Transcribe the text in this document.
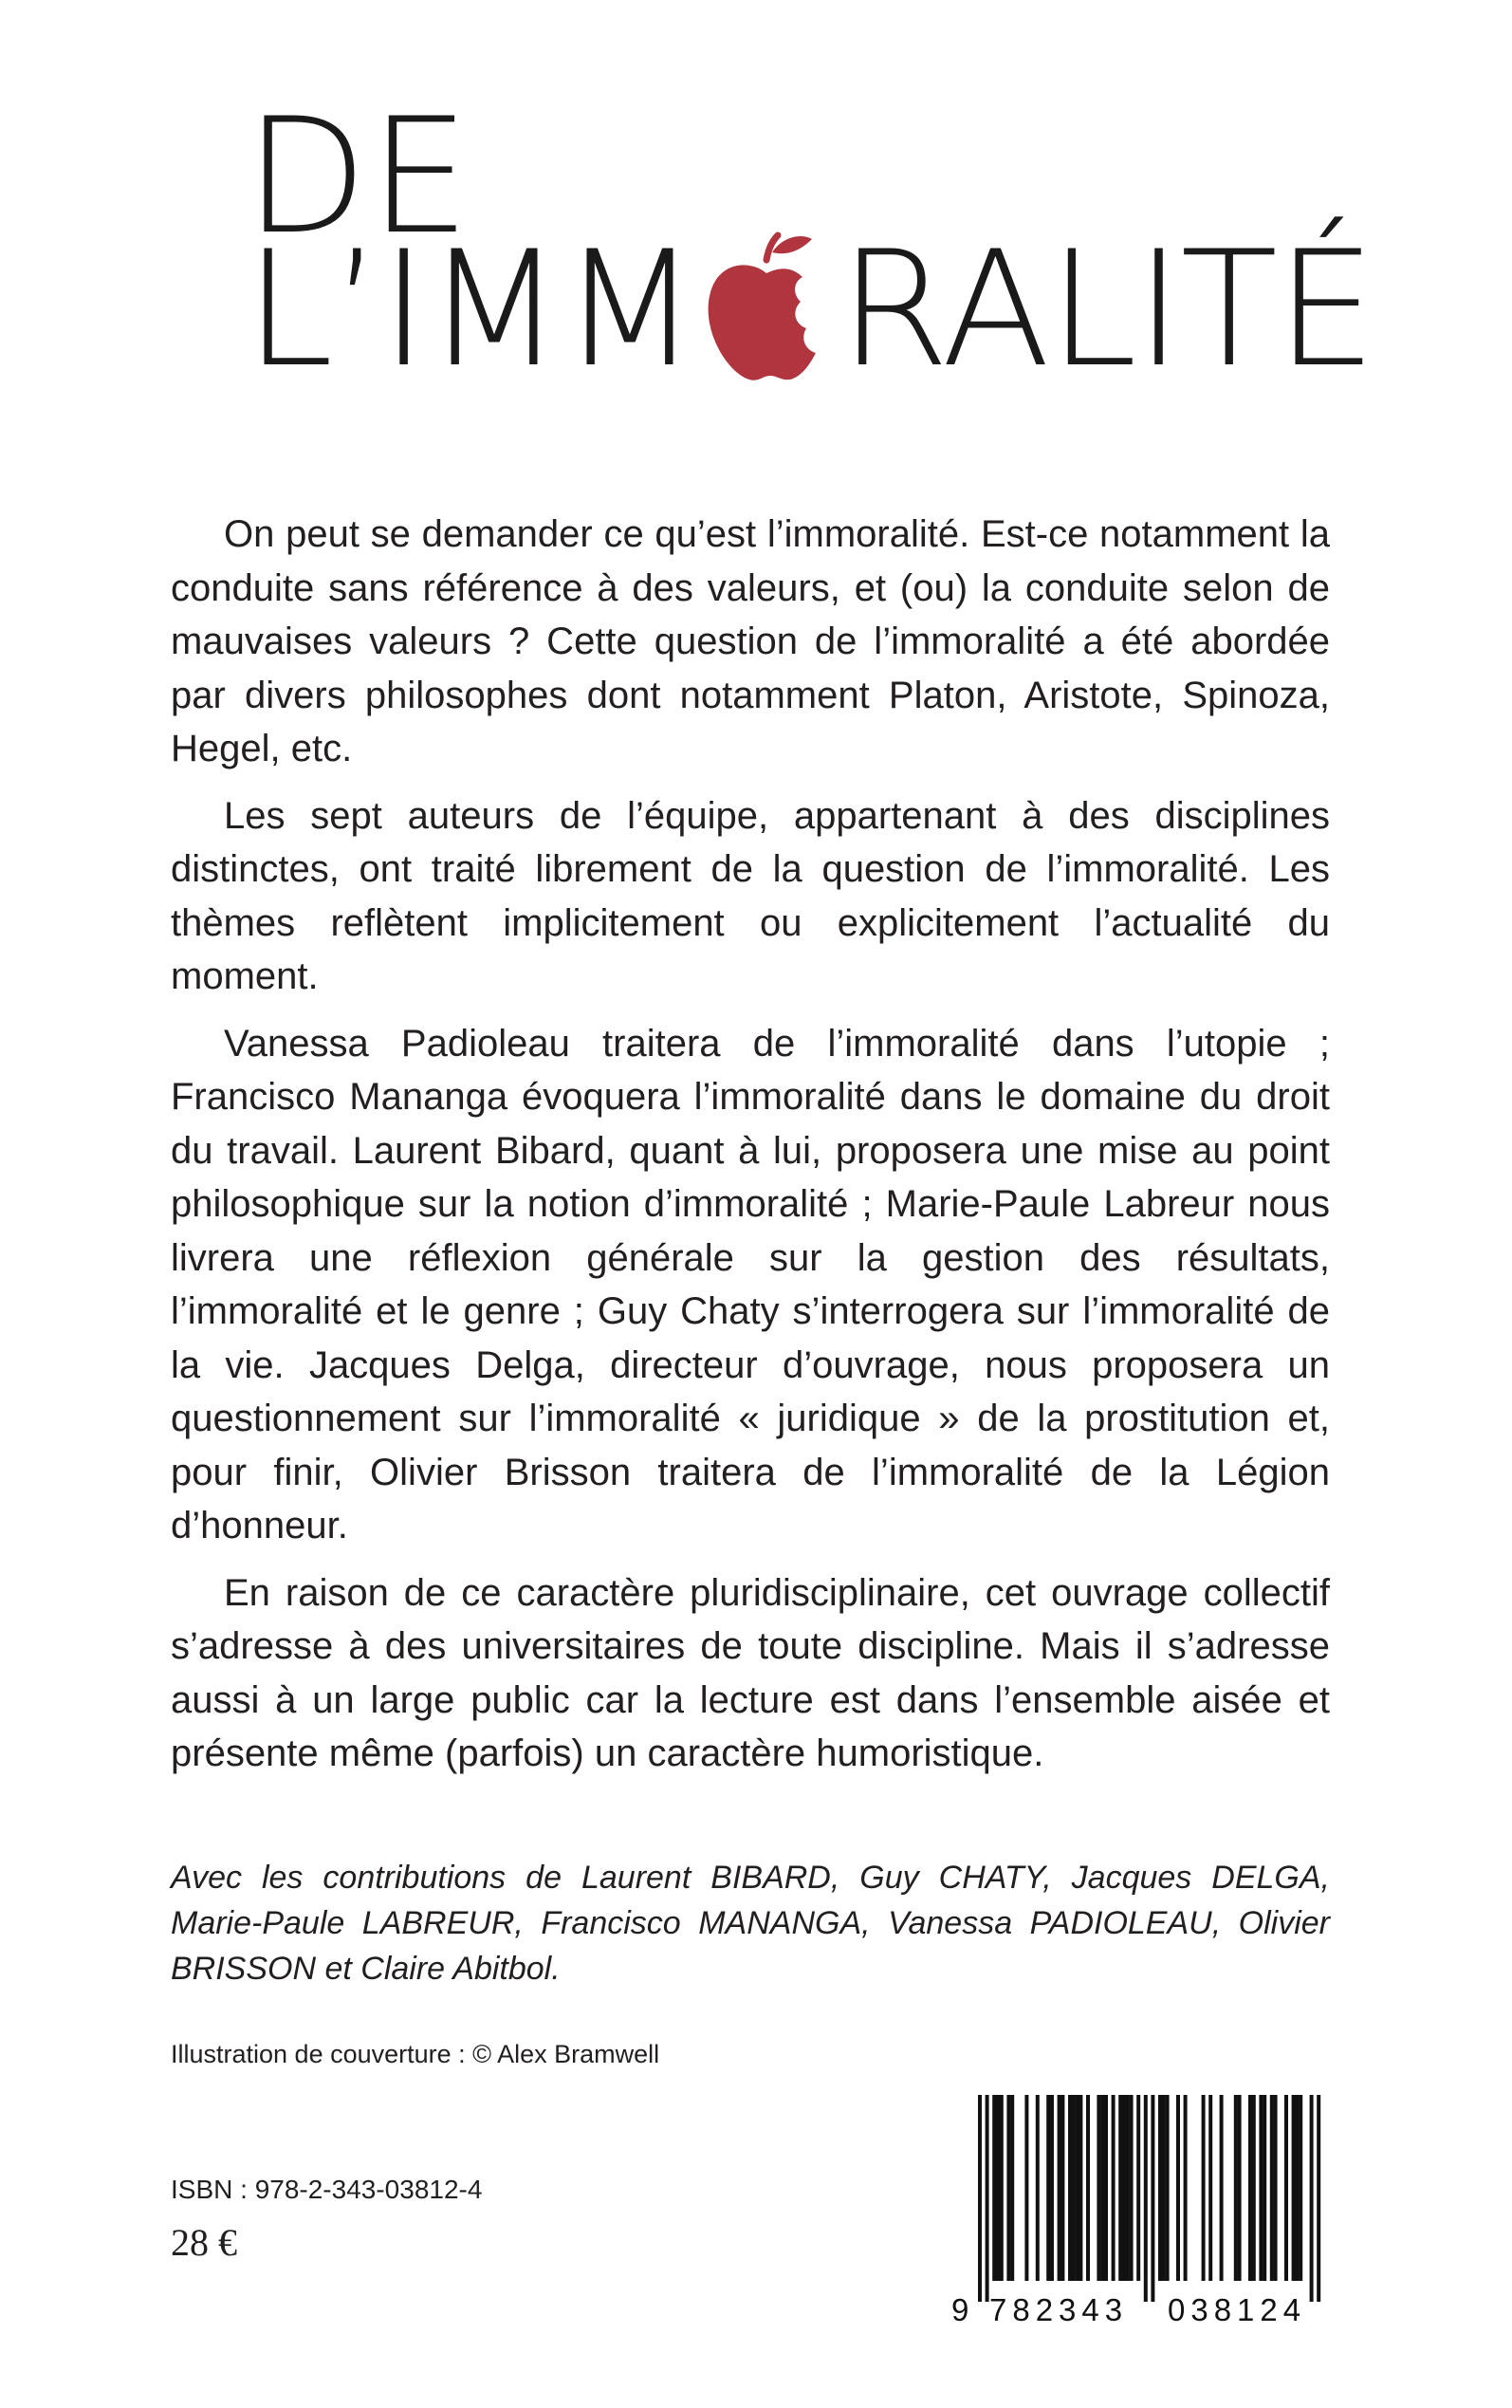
DE
L’IMM RALITÉ

On peut se demander ce qu’est l’immoralité. Est-ce notamment la conduite sans référence à des valeurs, et (ou) la conduite selon de mauvaises valeurs ? Cette question de l’immoralité a été abordée par divers philosophes dont notamment Platon, Aristote, Spinoza, Hegel, etc.

Les sept auteurs de l’équipe, appartenant à des disciplines distinctes, ont traité librement de la question de l’immoralité. Les thèmes reflètent implicitement ou explicitement l’actualité du moment.

Vanessa Padioleau traitera de l’immoralité dans l’utopie ; Francisco Mananga évoquera l’immoralité dans le domaine du droit du travail. Laurent Bibard, quant à lui, proposera une mise au point philosophique sur la notion d’immoralité ; Marie-Paule Labreur nous livrera une réflexion générale sur la gestion des résultats, l’immoralité et le genre ; Guy Chaty s’interrogera sur l’immoralité de la vie. Jacques Delga, directeur d’ouvrage, nous proposera un questionnement sur l’immoralité « juridique » de la prostitution et, pour finir, Olivier Brisson traitera de l’immoralité de la Légion d’honneur.

En raison de ce caractère pluridisciplinaire, cet ouvrage collectif s’adresse à des universitaires de toute discipline. Mais il s’adresse aussi à un large public car la lecture est dans l’ensemble aisée et présente même (parfois) un caractère humoristique.

Avec les contributions de Laurent BIBARD, Guy CHATY, Jacques DELGA, Marie-Paule LABREUR, Francisco MANANGA, Vanessa PADIOLEAU, Olivier BRISSON et Claire Abitbol.

Illustration de couverture : © Alex Bramwell

ISBN : 978-2-343-03812-4

28 €

9 782343 038124
